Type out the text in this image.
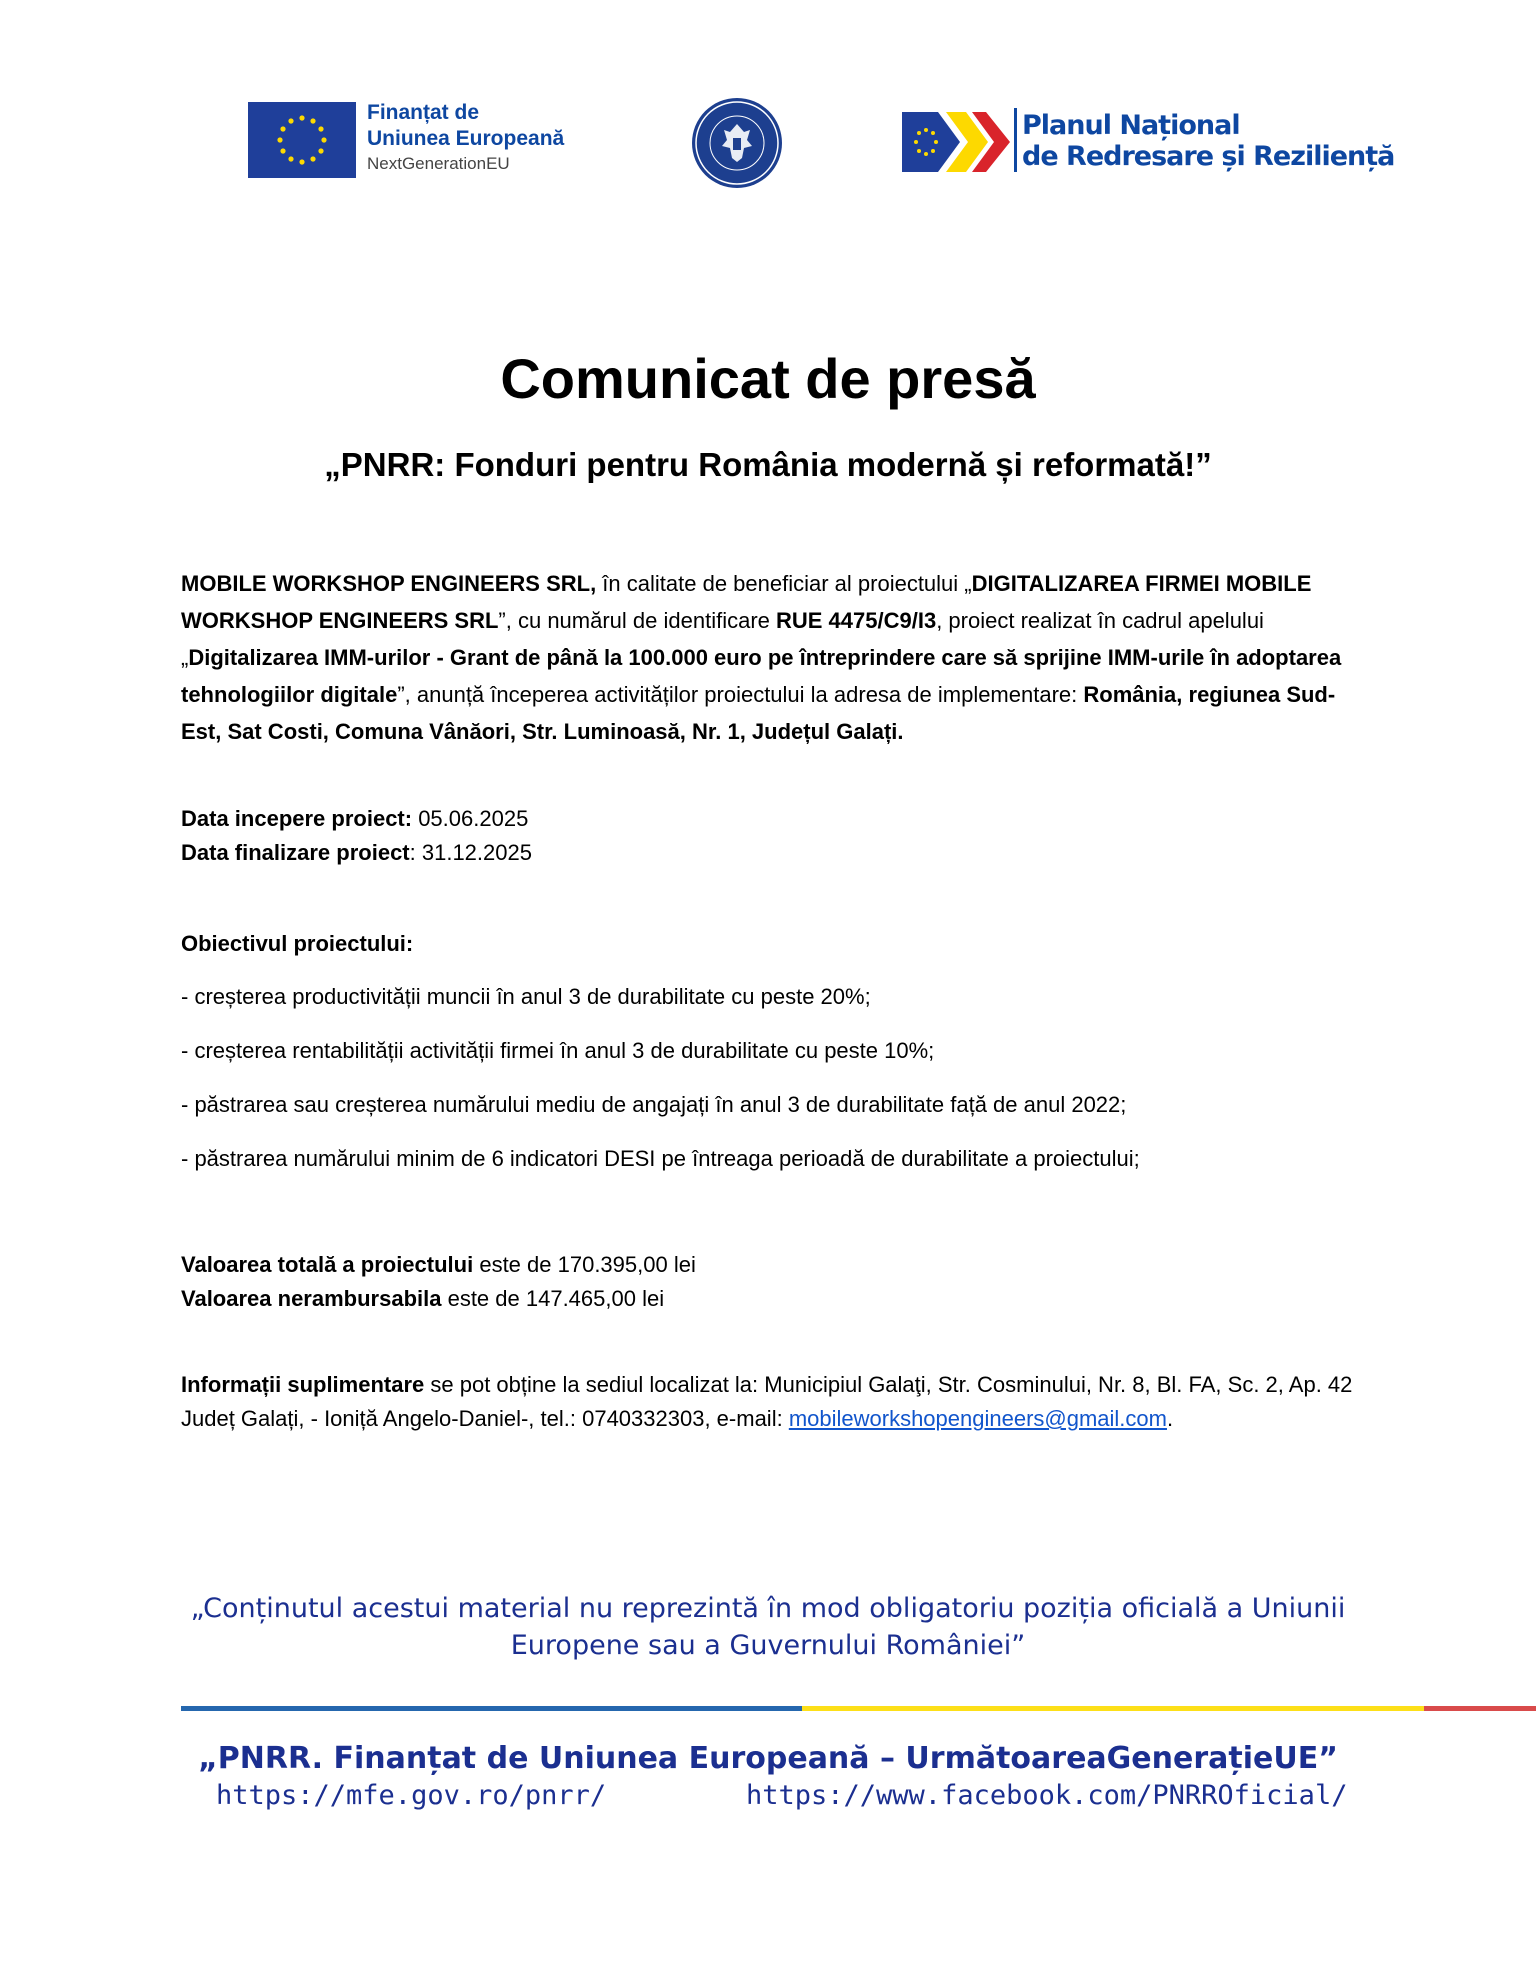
Finanțat de
Uniunea Europeană
NextGenerationEU
Planul Național
de Redresare și Reziliență
Comunicat de presă
„PNRR: Fonduri pentru România modernă și reformată!”
MOBILE WORKSHOP ENGINEERS SRL, în calitate de beneficiar al proiectului „DIGITALIZAREA FIRMEI MOBILE WORKSHOP ENGINEERS SRL”, cu numărul de identificare RUE 4475/C9/I3, proiect realizat în cadrul apelului „Digitalizarea IMM-urilor - Grant de până la 100.000 euro pe întreprindere care să sprijine IMM-urile în adoptarea tehnologiilor digitale”, anunță începerea activităților proiectului la adresa de implementare: România, regiunea Sud-Est, Sat Costi, Comuna Vânăori, Str. Luminoasă, Nr. 1, Județul Galați.
Data incepere proiect: 05.06.2025
Data finalizare proiect: 31.12.2025
Obiectivul proiectului:
- creșterea productivității muncii în anul 3 de durabilitate cu peste 20%;
- creșterea rentabilității activității firmei în anul 3 de durabilitate cu peste 10%;
- păstrarea sau creșterea numărului mediu de angajați în anul 3 de durabilitate față de anul 2022;
- păstrarea numărului minim de 6 indicatori DESI pe întreaga perioadă de durabilitate a proiectului;
Valoarea totală a proiectului este de 170.395,00 lei
Valoarea nerambursabila este de 147.465,00 lei
Informații suplimentare se pot obține la sediul localizat la: Municipiul Galaţi, Str. Cosminului, Nr. 8, Bl. FA, Sc. 2, Ap. 42 Județ Galați, - Ioniță Angelo-Daniel-, tel.: 0740332303, e-mail: mobileworkshopengineers@gmail.com.
„Conținutul acestui material nu reprezintă în mod obligatoriu poziția oficială a Uniunii Europene sau a Guvernului României”
„PNRR. Finanțat de Uniunea Europeană – UrmătoareaGenerațieUE”
https://mfe.gov.ro/pnrr/	https://www.facebook.com/PNRROficial/
